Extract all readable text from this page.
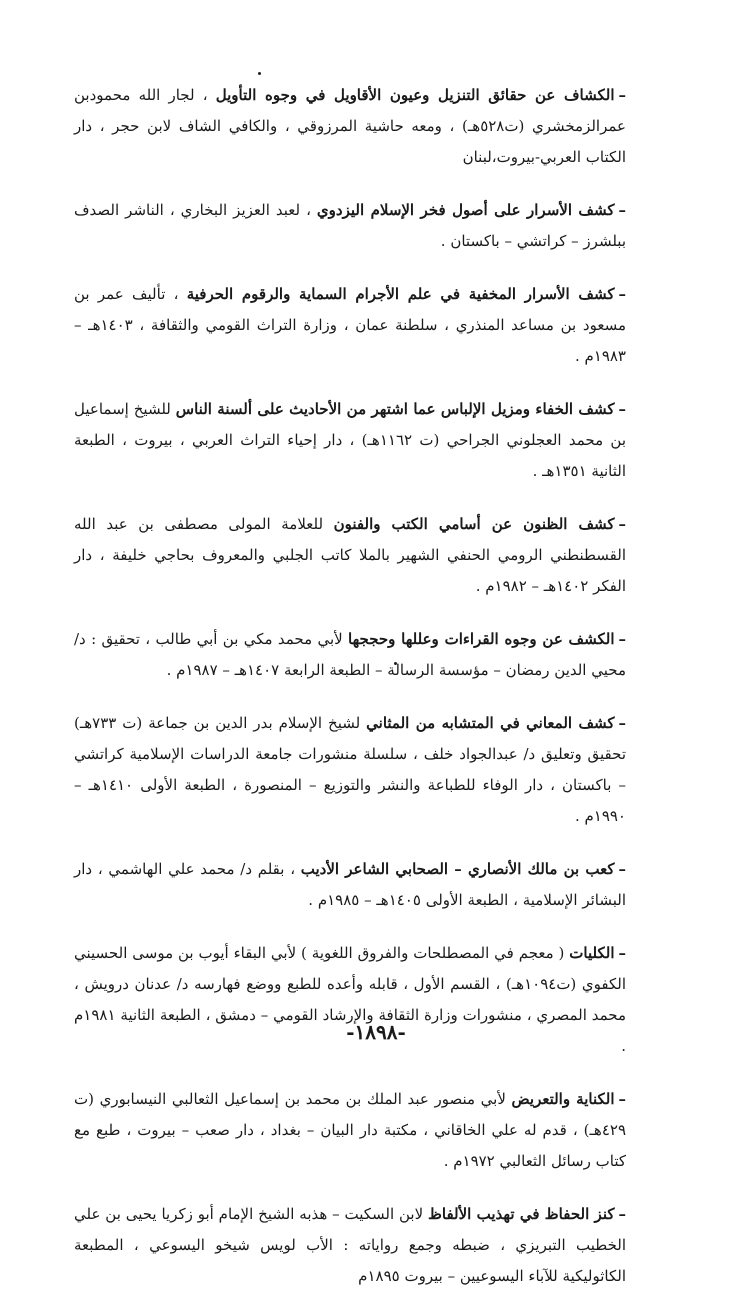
–الكشاف عن حقائق التنزيل وعيون الأقاويل في وجوه التأويل ، لجار الله محمودبن عمرالزمخشري (ت٥٢٨هـ) ، ومعه حاشية المرزوقي ، والكافي الشاف لابن حجر ، دار الكتاب العربي-بيروت،لبنان

–كشف الأسرار على أصول فخر الإسلام اليزدوي ، لعبد العزيز البخاري ، الناشر الصدف ببلشرز – كراتشي – باكستان .

–كشف الأسرار المخفية في علم الأجرام السماية والرقوم الحرفية ، تأليف عمر بن مسعود بن مساعد المنذري ، سلطنة عمان ، وزارة التراث القومي والثقافة ، ١٤٠٣هـ – ١٩٨٣م .

–كشف الخفاء ومزيل الإلباس عما اشتهر من الأحاديث على ألسنة الناس للشيخ إسماعيل بن محمد العجلوني الجراحي (ت ١١٦٢هـ) ، دار إحياء التراث العربي ، بيروت ، الطبعة الثانية ١٣٥١هـ .

–كشف الظنون عن أسامي الكتب والفنون للعلامة المولى مصطفى بن عبد الله القسطنطني الرومي الحنفي الشهير بالملا كاتب الجلبي والمعروف بحاجي خليفة ، دار الفكر ١٤٠٢هـ – ١٩٨٢م .

–الكشف عن وجوه القراءات وعللها وحججها لأبي محمد مكي بن أبي طالب ، تحقيق : د/محيي الدين رمضان – مؤسسة الرسالة – الطبعة الرابعة ١٤٠٧هـ – ١٩٨٧م .

–كشف المعاني في المتشابه من المثاني لشيخ الإسلام بدر الدين بن جماعة (ت ٧٣٣هـ) تحقيق وتعليق د/ عبدالجواد خلف ، سلسلة منشورات جامعة الدراسات الإسلامية كراتشي – باكستان ، دار الوفاء للطباعة والنشر والتوزيع – المنصورة ، الطبعة الأولى ١٤١٠هـ – ١٩٩٠م .

–كعب بن مالك الأنصاري – الصحابي الشاعر الأديب ، بقلم د/ محمد علي الهاشمي ، دار البشائر الإسلامية ، الطبعة الأولى ١٤٠٥هـ – ١٩٨٥م .

–الكليات ( معجم في المصطلحات والفروق اللغوية ) لأبي البقاء أيوب بن موسى الحسيني الكفوي (ت١٠٩٤هـ) ، القسم الأول ، قابله وأعده للطبع ووضع فهارسه د/ عدنان درويش ، محمد المصري ، منشورات وزارة الثقافة والإرشاد القومي – دمشق ، الطبعة الثانية ١٩٨١م .

–الكناية والتعريض لأبي منصور عبد الملك بن محمد بن إسماعيل الثعالبي النيسابوري (ت ٤٢٩هـ) ، قدم له علي الخاقاني ، مكتبة دار البيان – بغداد ، دار صعب – بيروت ، طبع مع كتاب رسائل الثعالبي ١٩٧٢م .

–كنز الحفاظ في تهذيب الألفاظ لابن السكيت – هذبه الشيخ الإمام أبو زكريا يحيى بن علي الخطيب التبريزي ، ضبطه وجمع رواياته : الأب لويس شيخو اليسوعي ، المطبعة الكاثوليكية للآباء اليسوعيين – بيروت ١٨٩٥م

-١٨٩٨-
